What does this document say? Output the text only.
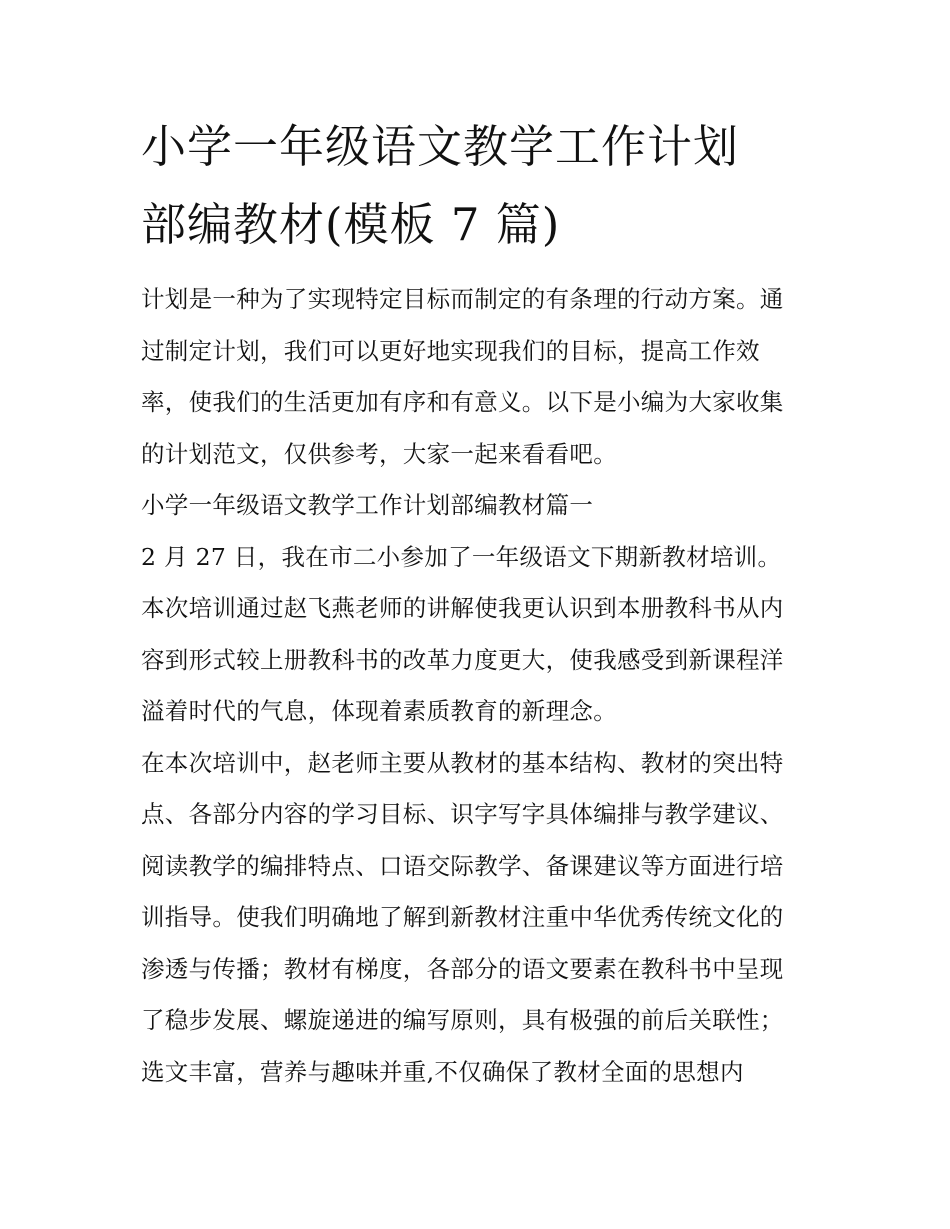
小学一年级语文教学工作计划
部编教材(模板 7 篇)

计划是一种为了实现特定目标而制定的有条理的行动方案。通

过制定计划，我们可以更好地实现我们的目标，提高工作效

率，使我们的生活更加有序和有意义。以下是小编为大家收集

的计划范文，仅供参考，大家一起来看看吧。

小学一年级语文教学工作计划部编教材篇一

2 月 27 日，我在市二小参加了一年级语文下期新教材培训。

本次培训通过赵飞燕老师的讲解使我更认识到本册教科书从内

容到形式较上册教科书的改革力度更大，使我感受到新课程洋

溢着时代的气息，体现着素质教育的新理念。

在本次培训中，赵老师主要从教材的基本结构、教材的突出特

点、各部分内容的学习目标、识字写字具体编排与教学建议、

阅读教学的编排特点、口语交际教学、备课建议等方面进行培

训指导。使我们明确地了解到新教材注重中华优秀传统文化的

渗透与传播；教材有梯度，各部分的语文要素在教科书中呈现

了稳步发展、螺旋递进的编写原则，具有极强的前后关联性；

选文丰富，营养与趣味并重,不仅确保了教材全面的思想内
